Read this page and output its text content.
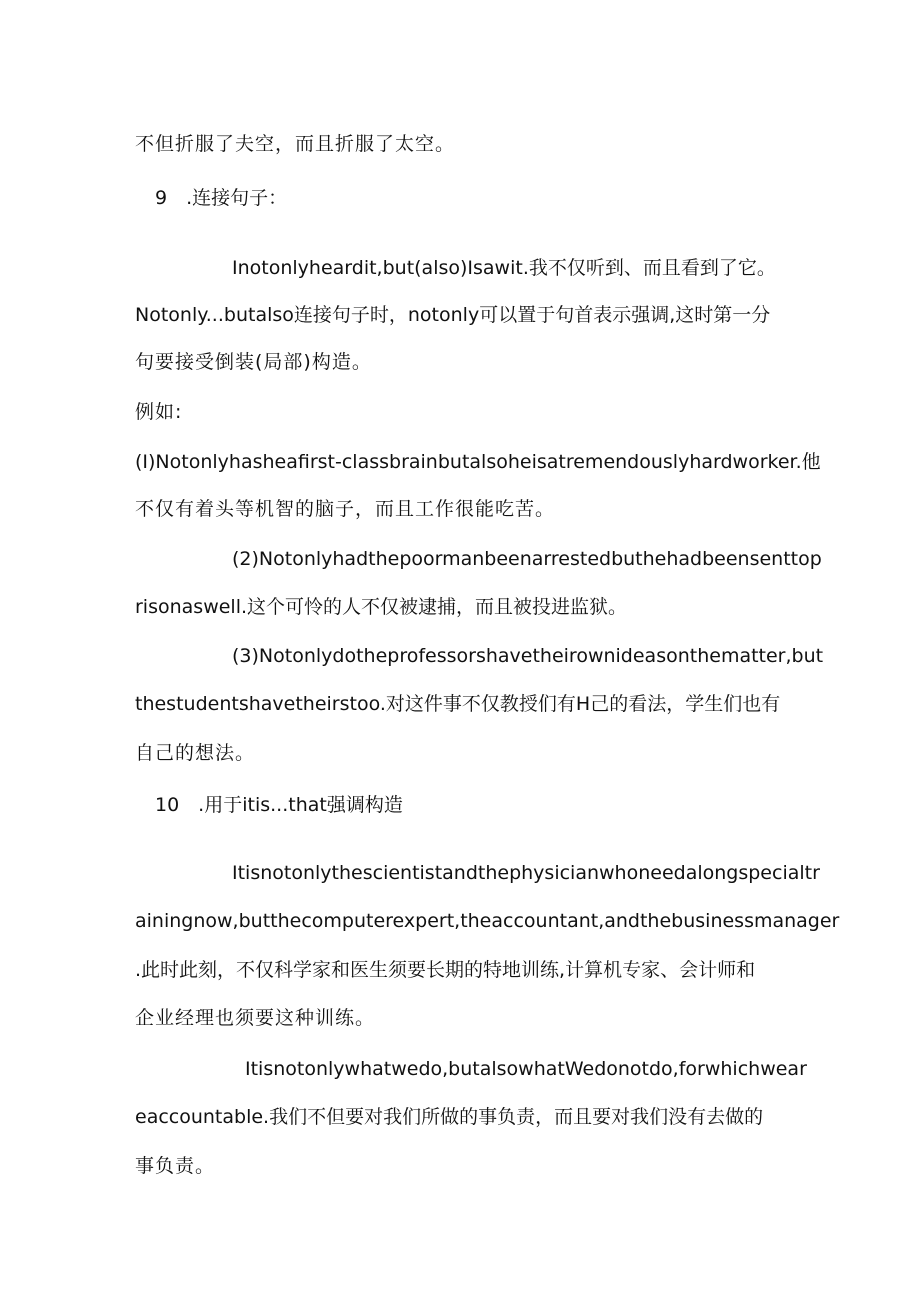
不但折服了夫空，而且折服了太空。
9 .连接句子：
Inotonlyheardit,but(also)Isawit.我不仅听到、而且看到了它。
Notonly...butalso连接句子时，notonly可以置于句首表示强调,这时第一分
句要接受倒装(局部)构造。
例如:
(I)Notonlyhasheafirst-classbrainbutalsoheisatremendouslyhardworker.他
不仅有着头等机智的脑子，而且工作很能吃苦。
(2)Notonlyhadthepoormanbeenarrestedbuthehadbeensenttop
risonaswell.这个可怜的人不仅被逮捕，而且被投进监狱。
(3)Notonlydotheprofessorshavetheirownideasonthematter,but
thestudentshavetheirstoo.对这件事不仅教授们有H己的看法，学生们也有
自己的想法。
10 .用于itis...that强调构造
Itisnotonlythescientistandthephysicianwhoneedalongspecialtr
ainingnow,butthecomputerexpert,theaccountant,andthebusinessmanager
.此时此刻，不仅科学家和医生须要长期的特地训练,计算机专家、会计师和
企业经理也须要这种训练。
Itisnotonlywhatwedo,butalsowhatWedonotdo,forwhichwear
eaccountable.我们不但要对我们所做的事负责，而且要对我们没有去做的
事负责。
